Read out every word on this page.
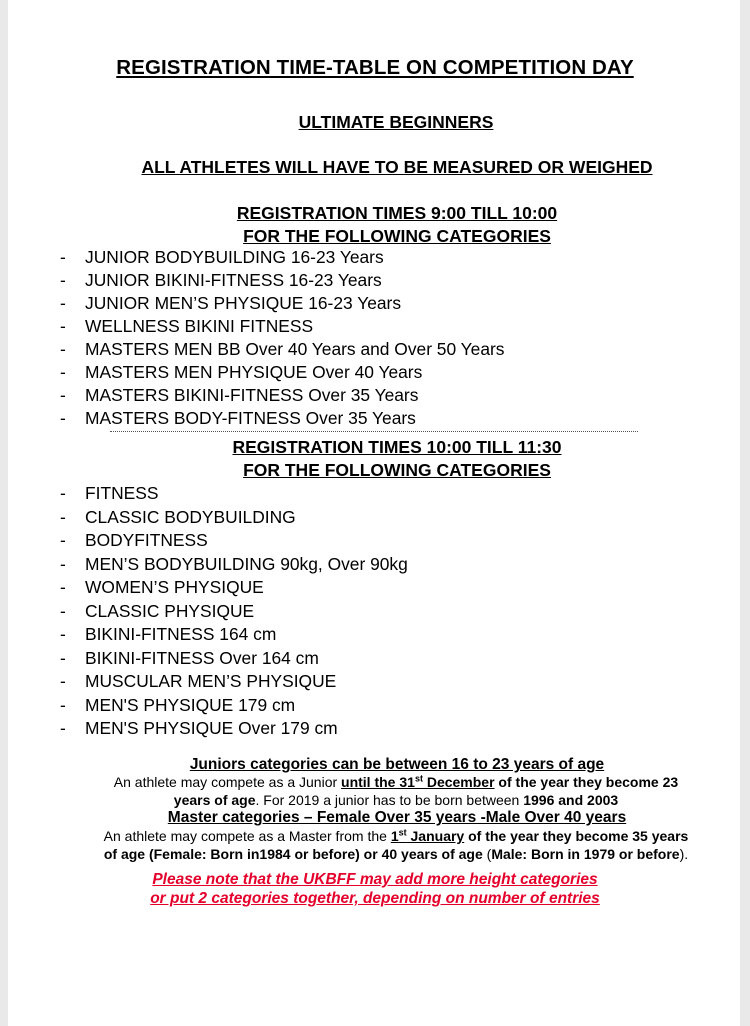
REGISTRATION TIME-TABLE ON COMPETITION DAY
ULTIMATE BEGINNERS
ALL ATHLETES WILL HAVE TO BE MEASURED OR WEIGHED
REGISTRATION TIMES 9:00 TILL 10:00
FOR THE FOLLOWING CATEGORIES
- JUNIOR BODYBUILDING 16-23 Years
- JUNIOR BIKINI-FITNESS 16-23 Years
- JUNIOR MEN’S PHYSIQUE 16-23 Years
- WELLNESS BIKINI FITNESS
- MASTERS MEN BB Over 40 Years and Over 50 Years
- MASTERS MEN PHYSIQUE Over 40 Years
- MASTERS BIKINI-FITNESS Over 35 Years
- MASTERS BODY-FITNESS Over 35 Years
REGISTRATION TIMES 10:00 TILL 11:30
FOR THE FOLLOWING CATEGORIES
- FITNESS
- CLASSIC BODYBUILDING
- BODYFITNESS
- MEN’S BODYBUILDING 90kg, Over 90kg
- WOMEN’S PHYSIQUE
- CLASSIC PHYSIQUE
- BIKINI-FITNESS 164 cm
- BIKINI-FITNESS Over 164 cm
- MUSCULAR MEN’S PHYSIQUE
- MEN'S PHYSIQUE 179 cm
- MEN'S PHYSIQUE Over 179 cm
Juniors categories can be between 16 to 23 years of age
An athlete may compete as a Junior until the 31st December of the year they become 23
years of age. For 2019 a junior has to be born between 1996 and 2003
Master categories – Female Over 35 years -Male Over 40 years
An athlete may compete as a Master from the 1st January of the year they become 35 years
of age (Female: Born in1984 or before) or 40 years of age (Male: Born in 1979 or before).
Please note that the UKBFF may add more height categories
or put 2 categories together, depending on number of entries
